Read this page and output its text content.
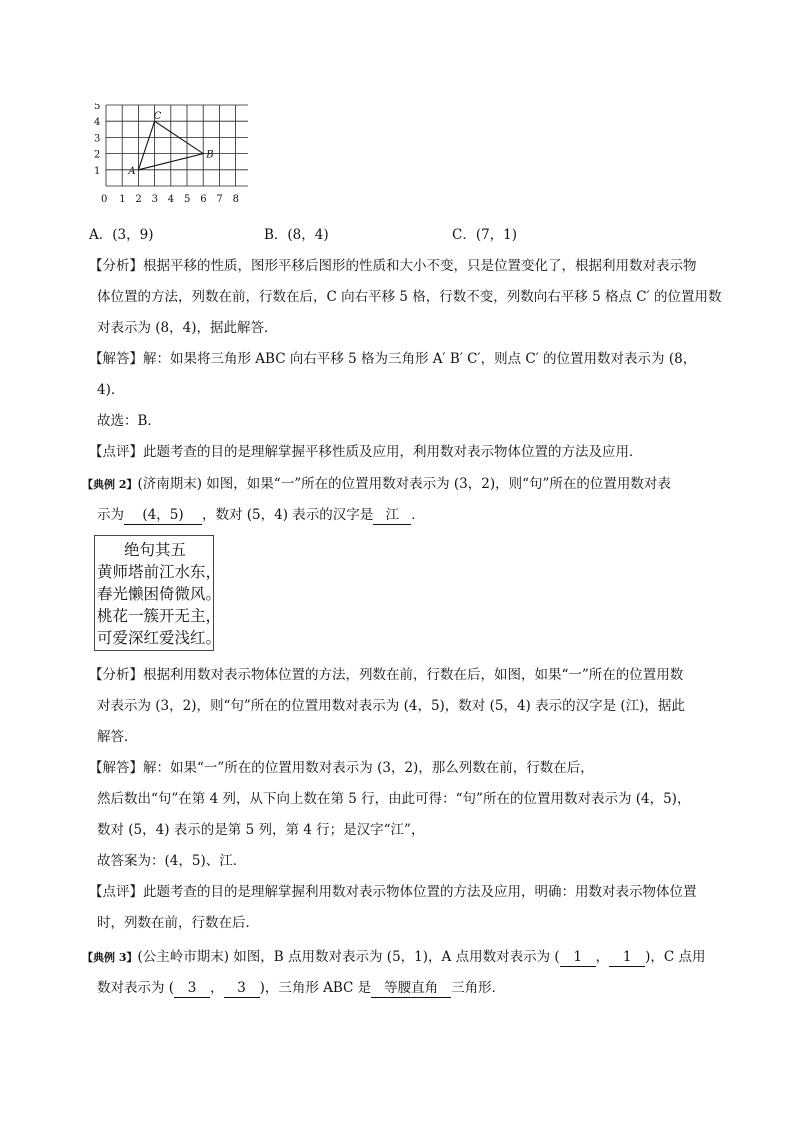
1
2
3
4
5
0 1 2 3 4 5 6 7 8
A
B
C
A．(3，9)	B．(8，4)	C．(7，1)
【分析】根据平移的性质，图形平移后图形的性质和大小不变，只是位置变化了，根据利用数对表示物
体位置的方法，列数在前，行数在后，C 向右平移 5 格，行数不变，列数向右平移 5 格点 C′ 的位置用数
对表示为 (8，4)，据此解答．
【解答】解：如果将三角形 ABC 向右平移 5 格为三角形 A′ B′ C′，则点 C′ 的位置用数对表示为 (8，
4)．
故选：B．
【点评】此题考查的目的是理解掌握平移性质及应用，利用数对表示物体位置的方法及应用．
【典例 2】(济南期末) 如图，如果“一”所在的位置用数对表示为 (3，2)，则“句”所在的位置用数对表
示为 (4，5) ，数对 (5，4) 表示的汉字是 江 ．
绝句其五
黄师塔前江水东，
春光懒困倚微风。
桃花一簇开无主，
可爱深红爱浅红。
【分析】根据利用数对表示物体位置的方法，列数在前，行数在后，如图，如果“一”所在的位置用数
对表示为 (3，2)，则“句”所在的位置用数对表示为 (4，5)，数对 (5，4) 表示的汉字是 (江)，据此
解答．
【解答】解：如果“一”所在的位置用数对表示为 (3，2)，那么列数在前，行数在后，
然后数出“句”在第 4 列，从下向上数在第 5 行，由此可得：“句”所在的位置用数对表示为 (4，5)，
数对 (5，4) 表示的是第 5 列，第 4 行；是汉字“江”，
故答案为：(4，5)、江．
【点评】此题考查的目的是理解掌握利用数对表示物体位置的方法及应用，明确：用数对表示物体位置
时，列数在前，行数在后．
【典例 3】(公主岭市期末) 如图，B 点用数对表示为 (5，1)，A 点用数对表示为 ( 1 ， 1 )，C 点用
数对表示为 ( 3 ， 3 )，三角形 ABC 是 等腰直角 三角形．
